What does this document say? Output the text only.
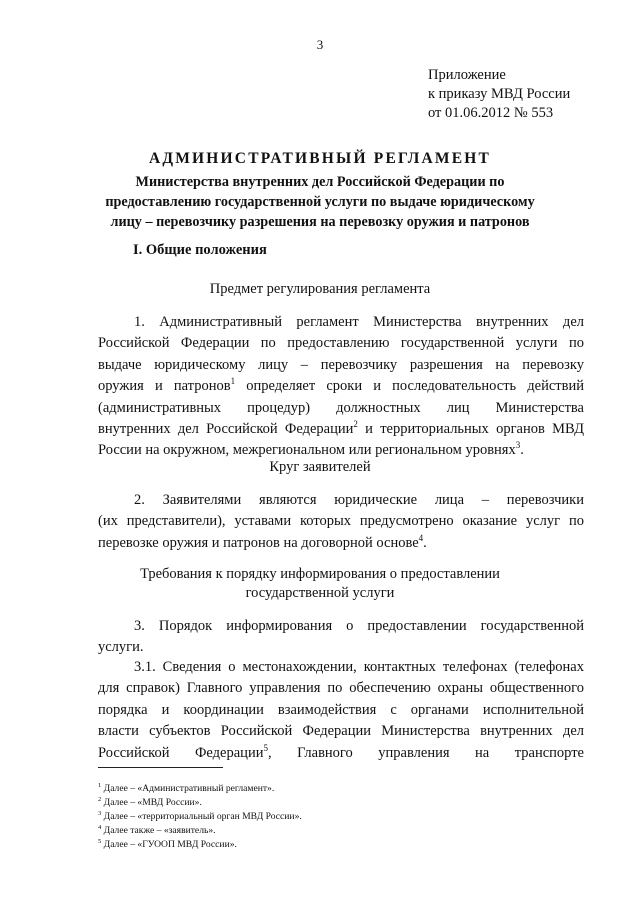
3
Приложение
к приказу МВД России
от 01.06.2012 № 553
АДМИНИСТРАТИВНЫЙ РЕГЛАМЕНТ
Министерства внутренних дел Российской Федерации по
предоставлению государственной услуги по выдаче юридическому
лицу – перевозчику разрешения на перевозку оружия и патронов
I. Общие положения
Предмет регулирования регламента
1. Административный регламент Министерства внутренних дел
Российской Федерации по предоставлению государственной услуги по
выдаче юридическому лицу – перевозчику разрешения на перевозку
оружия и патронов$^1$ определяет сроки и последовательность действий
(административных процедур) должностных лиц Министерства
внутренних дел Российской Федерации$^2$ и территориальных органов МВД
России на окружном, межрегиональном или региональном уровнях$^3$.
Круг заявителей
2. Заявителями являются юридические лица – перевозчики
(их представители), уставами которых предусмотрено оказание услуг по
перевозке оружия и патронов на договорной основе$^4$.
Требования к порядку информирования о предоставлении
государственной услуги
3. Порядок информирования о предоставлении государственной
услуги.
3.1. Сведения о местонахождении, контактных телефонах (телефонах
для справок) Главного управления по обеспечению охраны общественного
порядка и координации взаимодействия с органами исполнительной
власти субъектов Российской Федерации Министерства внутренних дел
Российской Федерации$^5$, Главного управления на транспорте
$^1$ Далее – «Административный регламент».
$^2$ Далее – «МВД России».
$^3$ Далее – «территориальный орган МВД России».
$^4$ Далее также – «заявитель».
$^5$ Далее – «ГУООП МВД России».
